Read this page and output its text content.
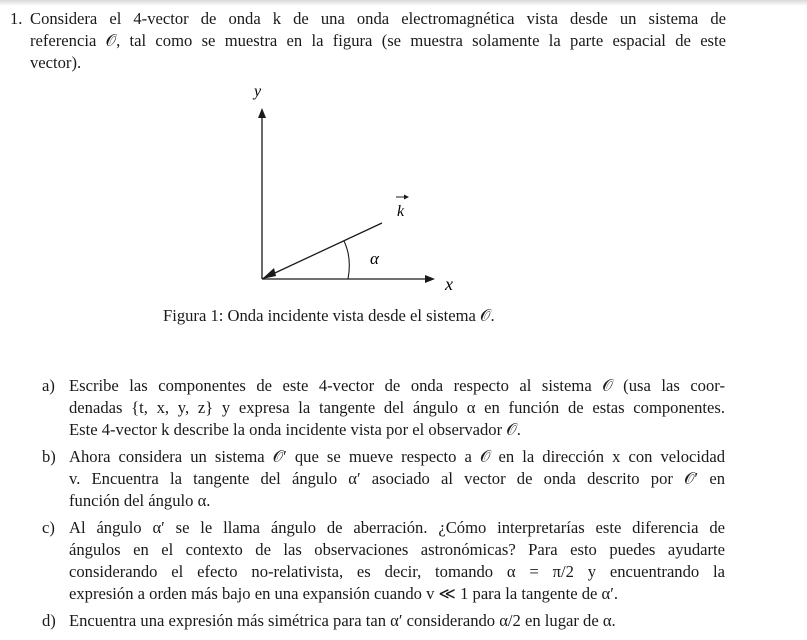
1. Considera el 4-vector de onda k de una onda electromagnética vista desde un sistema de
referencia 𝒪, tal como se muestra en la figura (se muestra solamente la parte espacial de este
vector).
y
x
k
α
Figura 1: Onda incidente vista desde el sistema 𝒪.
a) Escribe las componentes de este 4-vector de onda respecto al sistema 𝒪 (usa las coor-
denadas {t, x, y, z} y expresa la tangente del ángulo α en función de estas componentes.
Este 4-vector k describe la onda incidente vista por el observador 𝒪.
b) Ahora considera un sistema 𝒪′ que se mueve respecto a 𝒪 en la dirección x con velocidad
v. Encuentra la tangente del ángulo α′ asociado al vector de onda descrito por 𝒪′ en
función del ángulo α.
c) Al ángulo α′ se le llama ángulo de aberración. ¿Cómo interpretarías este diferencia de
ángulos en el contexto de las observaciones astronómicas? Para esto puedes ayudarte
considerando el efecto no-relativista, es decir, tomando α = π/2 y encuentrando la
expresión a orden más bajo en una expansión cuando v ≪ 1 para la tangente de α′.
d) Encuentra una expresión más simétrica para tan α′ considerando α/2 en lugar de α.
